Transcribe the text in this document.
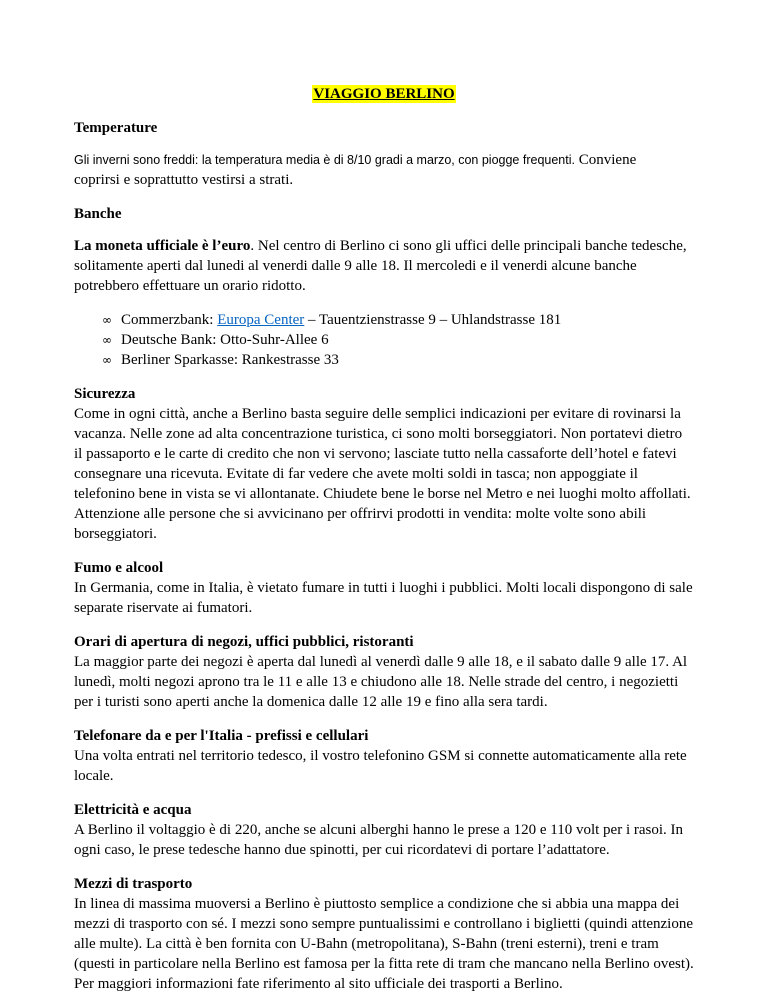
VIAGGIO BERLINO
Temperature

Gli inverni sono freddi: la temperatura media è di 8/10 gradi a marzo, con piogge frequenti. Conviene
coprirsi e soprattutto vestirsi a strati.

Banche

La moneta ufficiale è l’euro. Nel centro di Berlino ci sono gli uffici delle principali banche tedesche, solitamente aperti dal lunedi al venerdi dalle 9 alle 18. Il mercoledi e il venerdi alcune banche potrebbero effettuare un orario ridotto.

∞ Commerzbank: Europa Center – Tauentzienstrasse 9 – Uhlandstrasse 181
∞ Deutsche Bank: Otto-Suhr-Allee 6
∞ Berliner Sparkasse: Rankestrasse 33
Sicurezza

Come in ogni città, anche a Berlino basta seguire delle semplici indicazioni per evitare di rovinarsi la vacanza. Nelle zone ad alta concentrazione turistica, ci sono molti borseggiatori. Non portatevi dietro il passaporto e le carte di credito che non vi servono; lasciate tutto nella cassaforte dell’hotel e fatevi consegnare una ricevuta. Evitate di far vedere che avete molti soldi in tasca; non appoggiate il telefonino bene in vista se vi allontanate. Chiudete bene le borse nel Metro e nei luoghi molto affollati. Attenzione alle persone che si avvicinano per offrirvi prodotti in vendita: molte volte sono abili borseggiatori.

Fumo e alcool

In Germania, come in Italia, è vietato fumare in tutti i luoghi i pubblici. Molti locali dispongono di sale separate riservate ai fumatori.

Orari di apertura di negozi, uffici pubblici, ristoranti

La maggior parte dei negozi è aperta dal lunedì al venerdì dalle 9 alle 18, e il sabato dalle 9 alle 17. Al lunedì, molti negozi aprono tra le 11 e alle 13 e chiudono alle 18. Nelle strade del centro, i negozietti per i turisti sono aperti anche la domenica dalle 12 alle 19 e fino alla sera tardi.

Telefonare da e per l'Italia - prefissi e cellulari

Una volta entrati nel territorio tedesco, il vostro telefonino GSM si connette automaticamente alla rete locale.

Elettricità e acqua

A Berlino il voltaggio è di 220, anche se alcuni alberghi hanno le prese a 120 e 110 volt per i rasoi. In ogni caso, le prese tedesche hanno due spinotti, per cui ricordatevi di portare l’adattatore.

Mezzi di trasporto

In linea di massima muoversi a Berlino è piuttosto semplice a condizione che si abbia una mappa dei mezzi di trasporto con sé. I mezzi sono sempre puntualissimi e controllano i biglietti (quindi attenzione alle multe). La città è ben fornita con U-Bahn (metropolitana), S-Bahn (treni esterni), treni e tram (questi in particolare nella Berlino est famosa per la fitta rete di tram che mancano nella Berlino ovest). Per maggiori informazioni fate riferimento al sito ufficiale dei trasporti a Berlino.
